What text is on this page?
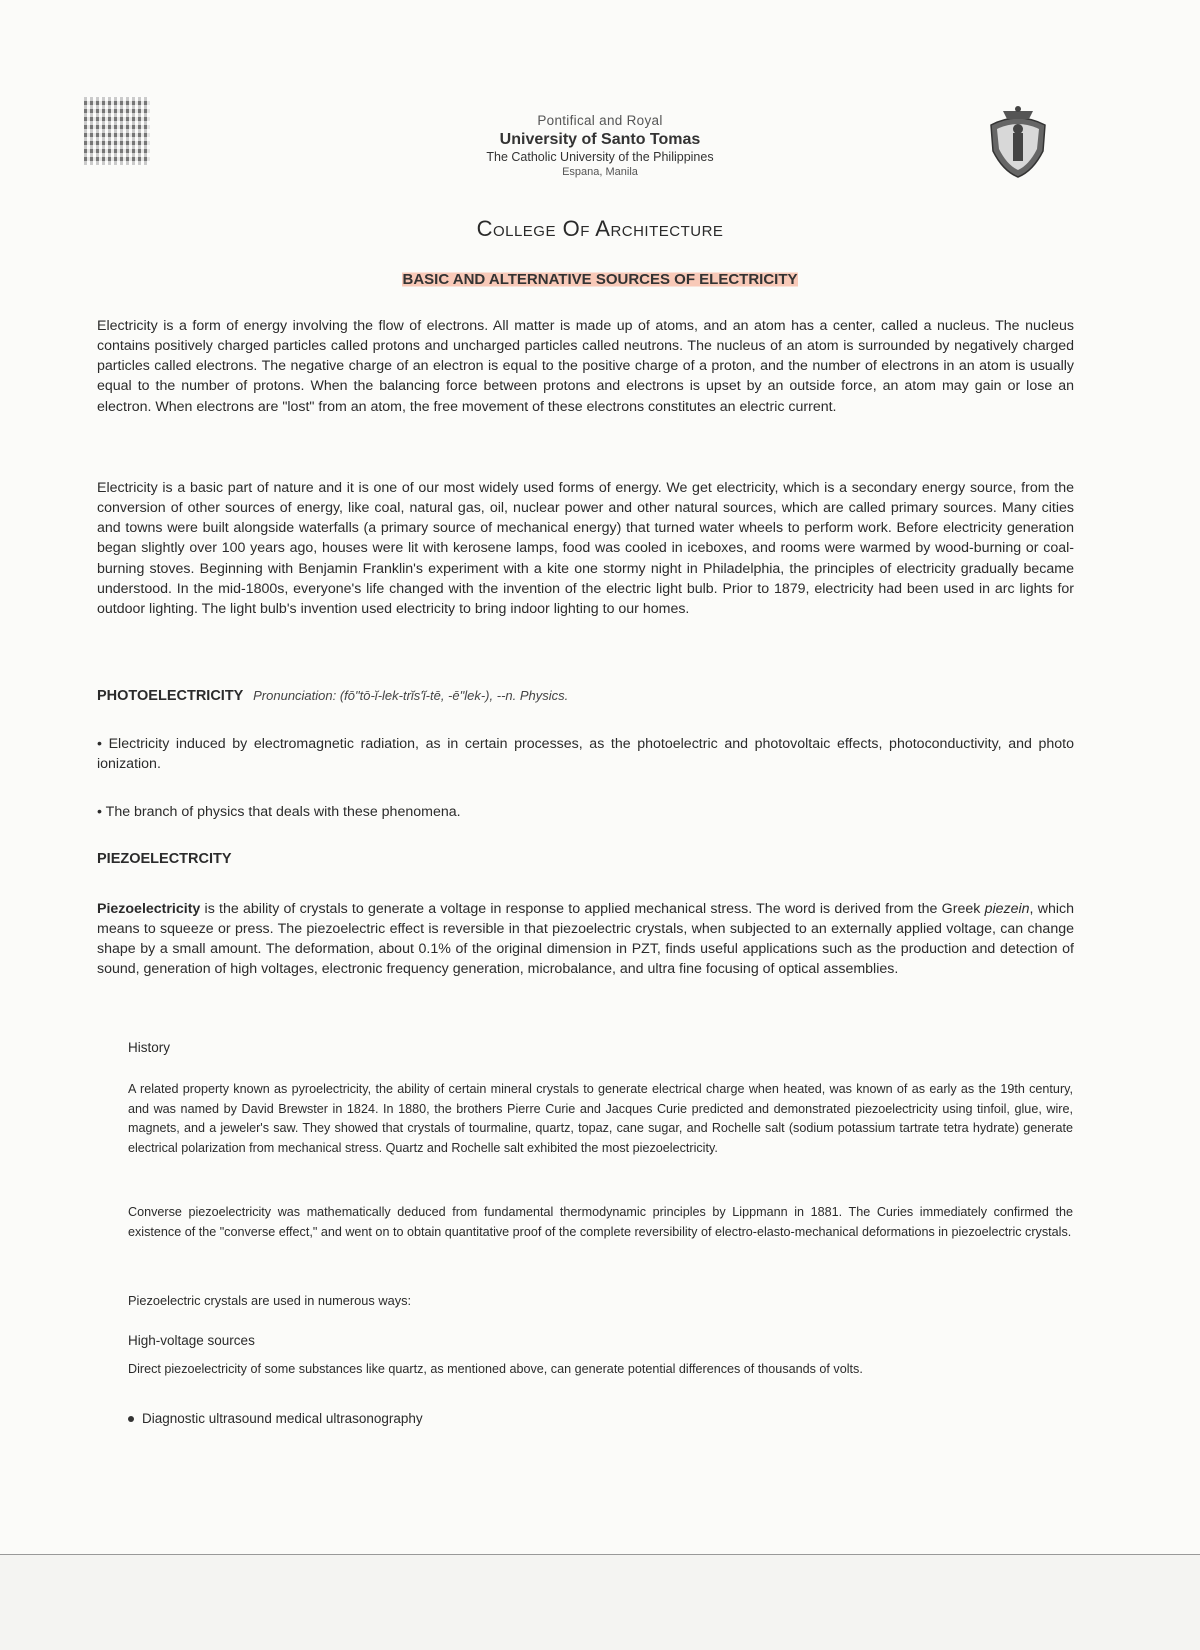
Pontifical and Royal
University of Santo Tomas
The Catholic University of the Philippines
Espana, Manila
College Of Architecture
BASIC AND ALTERNATIVE SOURCES OF ELECTRICITY
Electricity is a form of energy involving the flow of electrons. All matter is made up of atoms, and an atom has a center, called a nucleus. The nucleus contains positively charged particles called protons and uncharged particles called neutrons. The nucleus of an atom is surrounded by negatively charged particles called electrons. The negative charge of an electron is equal to the positive charge of a proton, and the number of electrons in an atom is usually equal to the number of protons. When the balancing force between protons and electrons is upset by an outside force, an atom may gain or lose an electron. When electrons are "lost" from an atom, the free movement of these electrons constitutes an electric current.
Electricity is a basic part of nature and it is one of our most widely used forms of energy. We get electricity, which is a secondary energy source, from the conversion of other sources of energy, like coal, natural gas, oil, nuclear power and other natural sources, which are called primary sources. Many cities and towns were built alongside waterfalls (a primary source of mechanical energy) that turned water wheels to perform work. Before electricity generation began slightly over 100 years ago, houses were lit with kerosene lamps, food was cooled in iceboxes, and rooms were warmed by wood-burning or coal-burning stoves. Beginning with Benjamin Franklin's experiment with a kite one stormy night in Philadelphia, the principles of electricity gradually became understood. In the mid-1800s, everyone's life changed with the invention of the electric light bulb. Prior to 1879, electricity had been used in arc lights for outdoor lighting. The light bulb's invention used electricity to bring indoor lighting to our homes.
PHOTOELECTRICITY Pronunciation: (fō"tō-ĭ-lek-trĭs'ĭ-tē, -ē"lek-), --n. Physics.
• Electricity induced by electromagnetic radiation, as in certain processes, as the photoelectric and photovoltaic effects, photoconductivity, and photo ionization.
• The branch of physics that deals with these phenomena.
PIEZOELECTRCITY
Piezoelectricity is the ability of crystals to generate a voltage in response to applied mechanical stress. The word is derived from the Greek piezein, which means to squeeze or press. The piezoelectric effect is reversible in that piezoelectric crystals, when subjected to an externally applied voltage, can change shape by a small amount. The deformation, about 0.1% of the original dimension in PZT, finds useful applications such as the production and detection of sound, generation of high voltages, electronic frequency generation, microbalance, and ultra fine focusing of optical assemblies.
History
A related property known as pyroelectricity, the ability of certain mineral crystals to generate electrical charge when heated, was known of as early as the 19th century, and was named by David Brewster in 1824. In 1880, the brothers Pierre Curie and Jacques Curie predicted and demonstrated piezoelectricity using tinfoil, glue, wire, magnets, and a jeweler's saw. They showed that crystals of tourmaline, quartz, topaz, cane sugar, and Rochelle salt (sodium potassium tartrate tetra hydrate) generate electrical polarization from mechanical stress. Quartz and Rochelle salt exhibited the most piezoelectricity.
Converse piezoelectricity was mathematically deduced from fundamental thermodynamic principles by Lippmann in 1881. The Curies immediately confirmed the existence of the "converse effect," and went on to obtain quantitative proof of the complete reversibility of electro-elasto-mechanical deformations in piezoelectric crystals.
Piezoelectric crystals are used in numerous ways:
High-voltage sources
Direct piezoelectricity of some substances like quartz, as mentioned above, can generate potential differences of thousands of volts.
Diagnostic ultrasound medical ultrasonography
